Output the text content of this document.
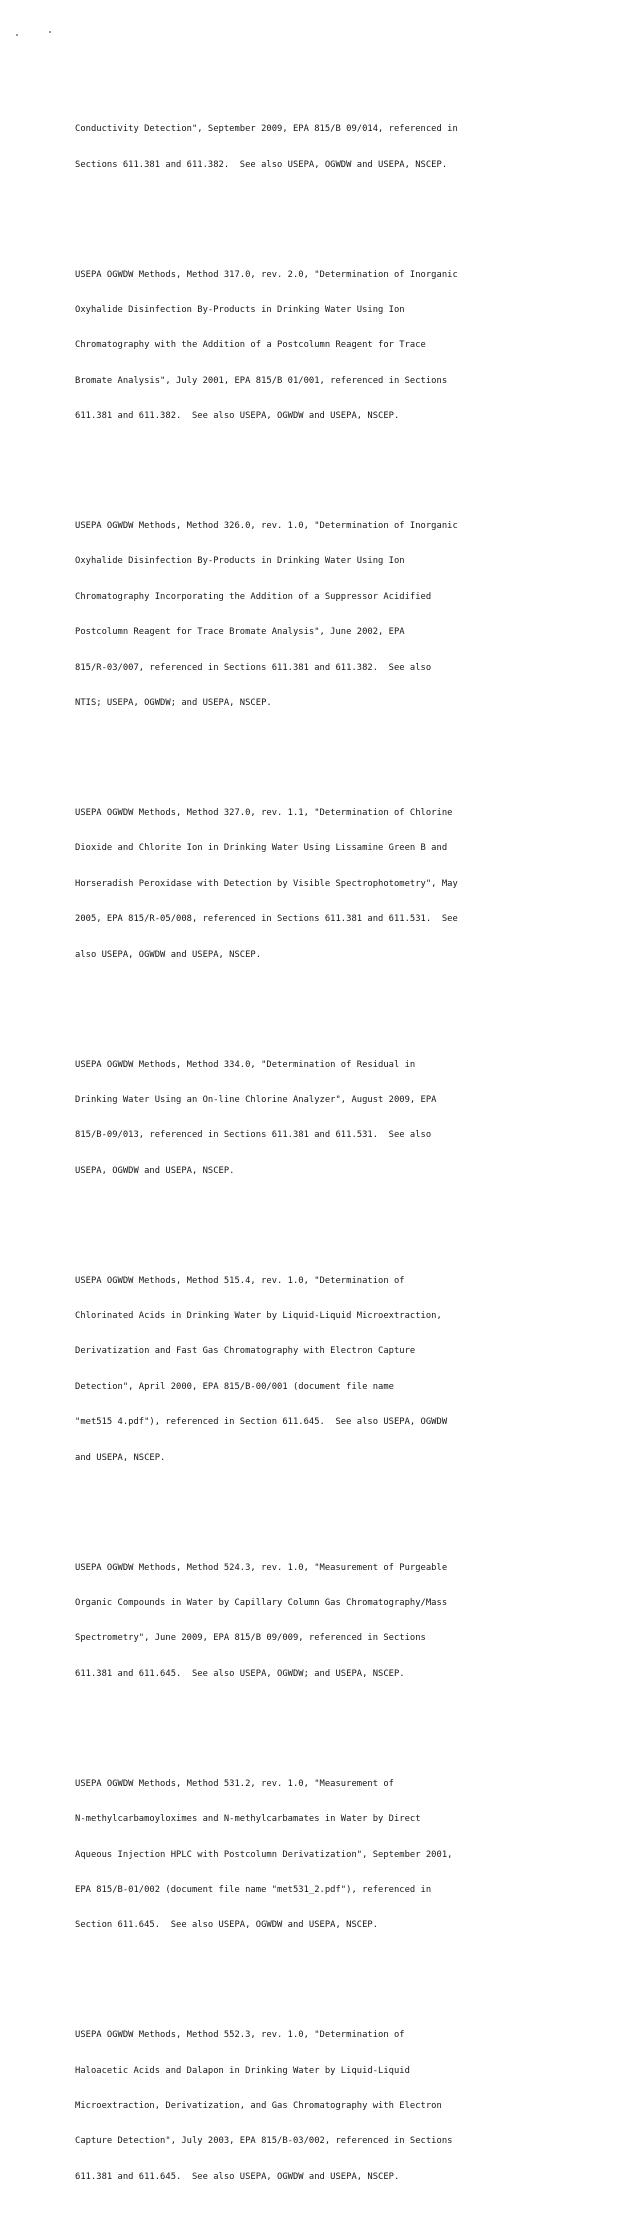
Conductivity Detection", September 2009, EPA 815/B 09/014, referenced in

Sections 611.381 and 611.382.  See also USEPA, OGWDW and USEPA, NSCEP.

USEPA OGWDW Methods, Method 317.0, rev. 2.0, "Determination of Inorganic

Oxyhalide Disinfection By-Products in Drinking Water Using Ion

Chromatography with the Addition of a Postcolumn Reagent for Trace

Bromate Analysis", July 2001, EPA 815/B 01/001, referenced in Sections

611.381 and 611.382.  See also USEPA, OGWDW and USEPA, NSCEP.

USEPA OGWDW Methods, Method 326.0, rev. 1.0, "Determination of Inorganic

Oxyhalide Disinfection By-Products in Drinking Water Using Ion

Chromatography Incorporating the Addition of a Suppressor Acidified

Postcolumn Reagent for Trace Bromate Analysis", June 2002, EPA

815/R-03/007, referenced in Sections 611.381 and 611.382.  See also

NTIS; USEPA, OGWDW; and USEPA, NSCEP.

USEPA OGWDW Methods, Method 327.0, rev. 1.1, "Determination of Chlorine

Dioxide and Chlorite Ion in Drinking Water Using Lissamine Green B and

Horseradish Peroxidase with Detection by Visible Spectrophotometry", May

2005, EPA 815/R-05/008, referenced in Sections 611.381 and 611.531.  See

also USEPA, OGWDW and USEPA, NSCEP.

USEPA OGWDW Methods, Method 334.0, "Determination of Residual in

Drinking Water Using an On-line Chlorine Analyzer", August 2009, EPA

815/B-09/013, referenced in Sections 611.381 and 611.531.  See also

USEPA, OGWDW and USEPA, NSCEP.

USEPA OGWDW Methods, Method 515.4, rev. 1.0, "Determination of

Chlorinated Acids in Drinking Water by Liquid-Liquid Microextraction,

Derivatization and Fast Gas Chromatography with Electron Capture

Detection", April 2000, EPA 815/B-00/001 (document file name

"met515 4.pdf"), referenced in Section 611.645.  See also USEPA, OGWDW

and USEPA, NSCEP.

USEPA OGWDW Methods, Method 524.3, rev. 1.0, "Measurement of Purgeable

Organic Compounds in Water by Capillary Column Gas Chromatography/Mass

Spectrometry", June 2009, EPA 815/B 09/009, referenced in Sections

611.381 and 611.645.  See also USEPA, OGWDW; and USEPA, NSCEP.

USEPA OGWDW Methods, Method 531.2, rev. 1.0, "Measurement of

N-methylcarbamoyloximes and N-methylcarbamates in Water by Direct

Aqueous Injection HPLC with Postcolumn Derivatization", September 2001,

EPA 815/B-01/002 (document file name "met531_2.pdf"), referenced in

Section 611.645.  See also USEPA, OGWDW and USEPA, NSCEP.

USEPA OGWDW Methods, Method 552.3, rev. 1.0, "Determination of

Haloacetic Acids and Dalapon in Drinking Water by Liquid-Liquid

Microextraction, Derivatization, and Gas Chromatography with Electron

Capture Detection", July 2003, EPA 815/B-03/002, referenced in Sections

611.381 and 611.645.  See also USEPA, OGWDW and USEPA, NSCEP.
